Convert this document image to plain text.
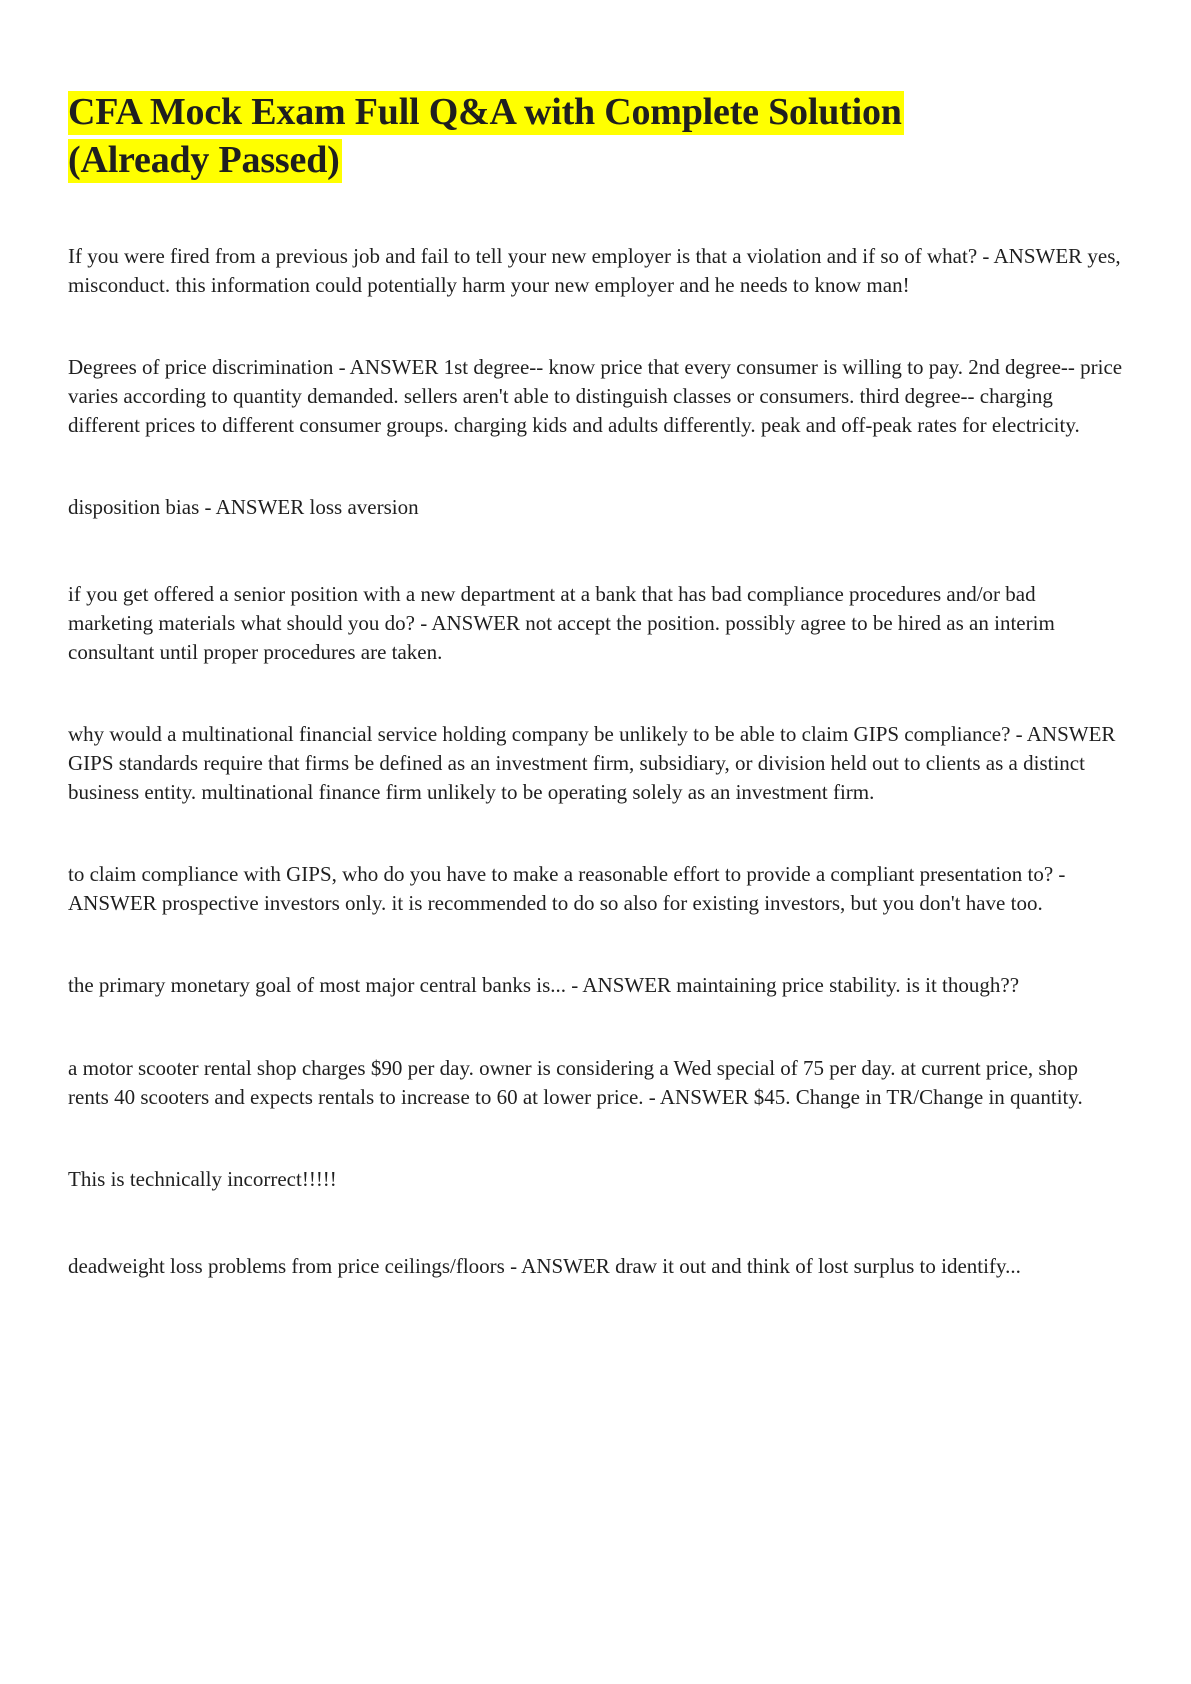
CFA Mock Exam Full Q&A with Complete Solution
(Already Passed)

If you were fired from a previous job and fail to tell your new employer is that a violation and if so of what? - ANSWER yes, misconduct. this information could potentially harm your new employer and he needs to know man!

Degrees of price discrimination - ANSWER 1st degree-- know price that every consumer is willing to pay. 2nd degree-- price varies according to quantity demanded. sellers aren't able to distinguish classes or consumers. third degree-- charging different prices to different consumer groups. charging kids and adults differently. peak and off-peak rates for electricity.

disposition bias - ANSWER loss aversion

if you get offered a senior position with a new department at a bank that has bad compliance procedures and/or bad marketing materials what should you do? - ANSWER not accept the position. possibly agree to be hired as an interim consultant until proper procedures are taken.

why would a multinational financial service holding company be unlikely to be able to claim GIPS compliance? - ANSWER GIPS standards require that firms be defined as an investment firm, subsidiary, or division held out to clients as a distinct business entity. multinational finance firm unlikely to be operating solely as an investment firm.

to claim compliance with GIPS, who do you have to make a reasonable effort to provide a compliant presentation to? - ANSWER prospective investors only. it is recommended to do so also for existing investors, but you don't have too.

the primary monetary goal of most major central banks is... - ANSWER maintaining price stability. is it though??

a motor scooter rental shop charges $90 per day. owner is considering a Wed special of 75 per day. at current price, shop rents 40 scooters and expects rentals to increase to 60 at lower price. - ANSWER $45. Change in TR/Change in quantity.

This is technically incorrect!!!!!

deadweight loss problems from price ceilings/floors - ANSWER draw it out and think of lost surplus to identify...
